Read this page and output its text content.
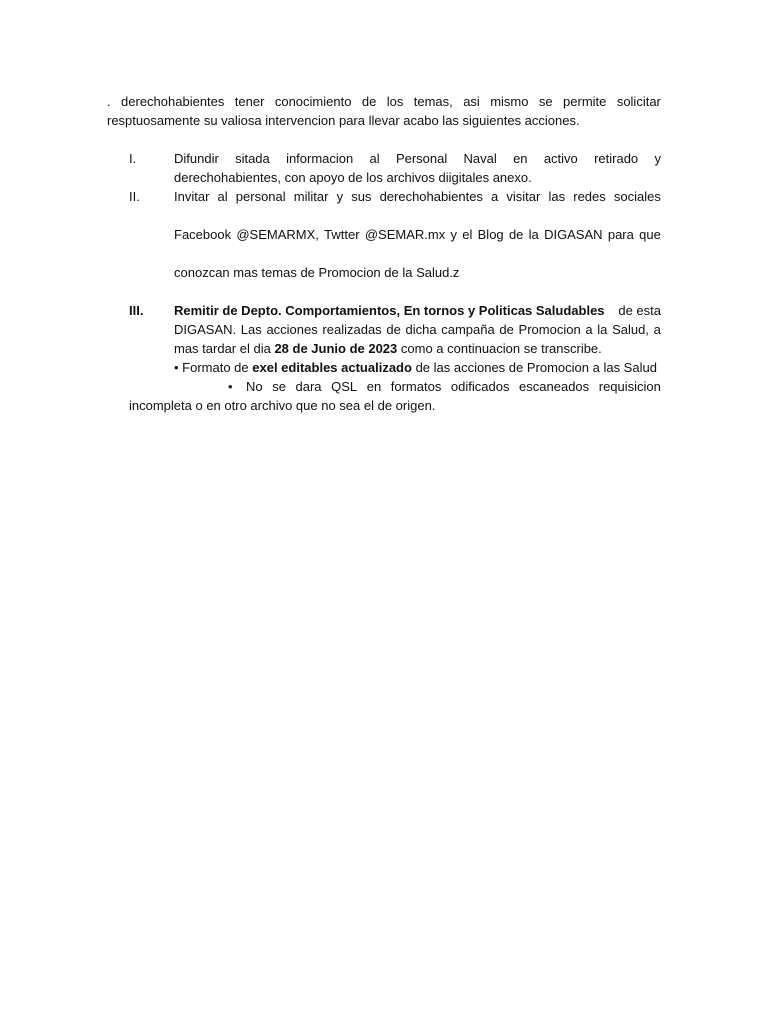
. derechohabientes tener conocimiento de los temas, asi mismo se permite solicitar
resptuosamente su valiosa intervencion para llevar acabo las siguientes acciones.
I.	Difundir sitada informacion al Personal Naval en activo retirado y
derechohabientes, con apoyo de los archivos diigitales anexo.
II.	Invitar al personal militar y sus derechohabientes a visitar las redes sociales
Facebook @SEMARMX, Twtter @SEMAR.mx y el Blog de la DIGASAN para que
conozcan mas temas de Promocion de la Salud.z
III. Remitir de Depto. Comportamientos, En tornos y Politicas Saludables de esta
DIGASAN. Las acciones realizadas de dicha campaña de Promocion a la Salud, a
mas tardar el dia 28 de Junio de 2023 como a continuacion se transcribe.
• Formato de exel editables actualizado de las acciones de Promocion a las Salud
• No se dara QSL en formatos odificados escaneados requisicion
incompleta o en otro archivo que no sea el de origen.
